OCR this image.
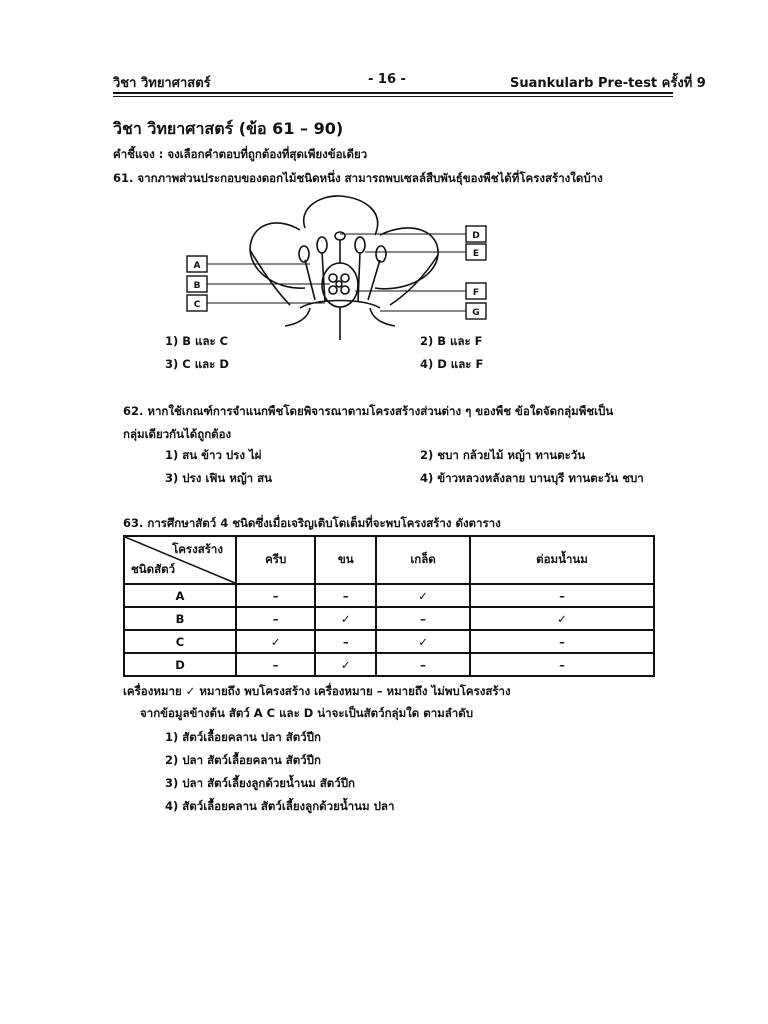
วิชา วิทยาศาสตร์	- 16 -	Suankularb Pre-test ครั้งที่ 9
วิชา วิทยาศาสตร์ (ข้อ 61 – 90)
คำชี้แจง : จงเลือกคำตอบที่ถูกต้องที่สุดเพียงข้อเดียว
61. จากภาพส่วนประกอบของดอกไม้ชนิดหนึ่ง สามารถพบเซลล์สืบพันธุ์ของพืชได้ที่โครงสร้างใดบ้าง
A
B
C
D
E
F
G
1) B และ C	2) B และ F
3) C และ D	4) D และ F
62. หากใช้เกณฑ์การจำแนกพืชโดยพิจารณาตามโครงสร้างส่วนต่าง ๆ ของพืช ข้อใดจัดกลุ่มพืชเป็น
กลุ่มเดียวกันได้ถูกต้อง
1) สน ข้าว ปรง ไผ่	2) ชบา กล้วยไม้ หญ้า ทานตะวัน
3) ปรง เฟิน หญ้า สน	4) ข้าวหลวงหลังลาย บานบุรี ทานตะวัน ชบา
63. การศึกษาสัตว์ 4 ชนิดซึ่งเมื่อเจริญเติบโตเต็มที่จะพบโครงสร้าง ดังตาราง
โครงสร้าง
ชนิดสัตว์	ครีบ	ขน	เกล็ด	ต่อมน้ำนม
A	–	–	✓	–
B	–	✓	–	✓
C	✓	–	✓	–
D	–	✓	–	–
เครื่องหมาย ✓ หมายถึง พบโครงสร้าง เครื่องหมาย – หมายถึง ไม่พบโครงสร้าง
จากข้อมูลข้างต้น สัตว์ A C และ D น่าจะเป็นสัตว์กลุ่มใด ตามลำดับ
1) สัตว์เลื้อยคลาน ปลา สัตว์ปีก
2) ปลา สัตว์เลื้อยคลาน สัตว์ปีก
3) ปลา สัตว์เลี้ยงลูกด้วยน้ำนม สัตว์ปีก
4) สัตว์เลื้อยคลาน สัตว์เลี้ยงลูกด้วยน้ำนม ปลา
